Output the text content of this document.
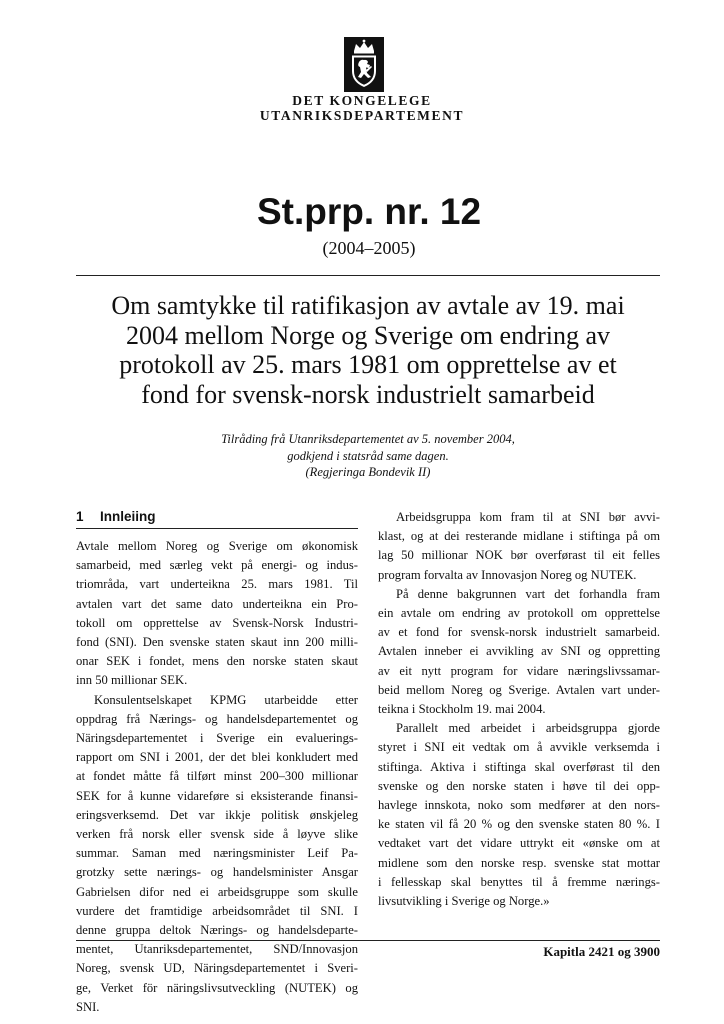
DET KONGELEGE
UTANRIKSDEPARTEMENT
St.prp. nr. 12
(2004–2005)
Om samtykke til ratifikasjon av avtale av 19. mai
2004 mellom Norge og Sverige om endring av
protokoll av 25. mars 1981 om opprettelse av et
fond for svensk-norsk industrielt samarbeid
Tilråding frå Utanriksdepartementet av 5. november 2004,
godkjend i statsråd same dagen.
(Regjeringa Bondevik II)
1 Innleiing
Avtale mellom Noreg og Sverige om økonomisk
samarbeid, med særleg vekt på energi- og indus-
triområda, vart underteikna 25. mars 1981. Til
avtalen vart det same dato underteikna ein Pro-
tokoll om opprettelse av Svensk-Norsk Industri-
fond (SNI). Den svenske staten skaut inn 200 milli-
onar SEK i fondet, mens den norske staten skaut
inn 50 millionar SEK.
Konsulentselskapet KPMG utarbeidde etter
oppdrag frå Nærings- og handelsdepartementet og
Näringsdepartementet i Sverige ein evaluerings-
rapport om SNI i 2001, der det blei konkludert med
at fondet måtte få tilført minst 200–300 millionar
SEK for å kunne vidareføre si eksisterande finansi-
eringsverksemd. Det var ikkje politisk ønskjeleg
verken frå norsk eller svensk side å løyve slike
summar. Saman med næringsminister Leif Pa-
grotzky sette nærings- og handelsminister Ansgar
Gabrielsen difor ned ei arbeidsgruppe som skulle
vurdere det framtidige arbeidsområdet til SNI. I
denne gruppa deltok Nærings- og handelsdeparte-
mentet, Utanriksdepartementet, SND/Innovasjon
Noreg, svensk UD, Näringsdepartementet i Sveri-
ge, Verket för näringslivsutveckling (NUTEK) og
SNI.
Arbeidsgruppa kom fram til at SNI bør avvi-
klast, og at dei resterande midlane i stiftinga på om
lag 50 millionar NOK bør overførast til eit felles
program forvalta av Innovasjon Noreg og NUTEK.
På denne bakgrunnen vart det forhandla fram
ein avtale om endring av protokoll om opprettelse
av et fond for svensk-norsk industrielt samarbeid.
Avtalen inneber ei avvikling av SNI og oppretting
av eit nytt program for vidare næringslivssamar-
beid mellom Noreg og Sverige. Avtalen vart under-
teikna i Stockholm 19. mai 2004.
Parallelt med arbeidet i arbeidsgruppa gjorde
styret i SNI eit vedtak om å avvikle verksemda i
stiftinga. Aktiva i stiftinga skal overførast til den
svenske og den norske staten i høve til dei opp-
havlege innskota, noko som medfører at den nors-
ke staten vil få 20 % og den svenske staten 80 %. I
vedtaket vart det vidare uttrykt eit «ønske om at
midlene som den norske resp. svenske stat mottar
i fellesskap skal benyttes til å fremme nærings-
livsutvikling i Sverige og Norge.»
Kapitla 2421 og 3900
